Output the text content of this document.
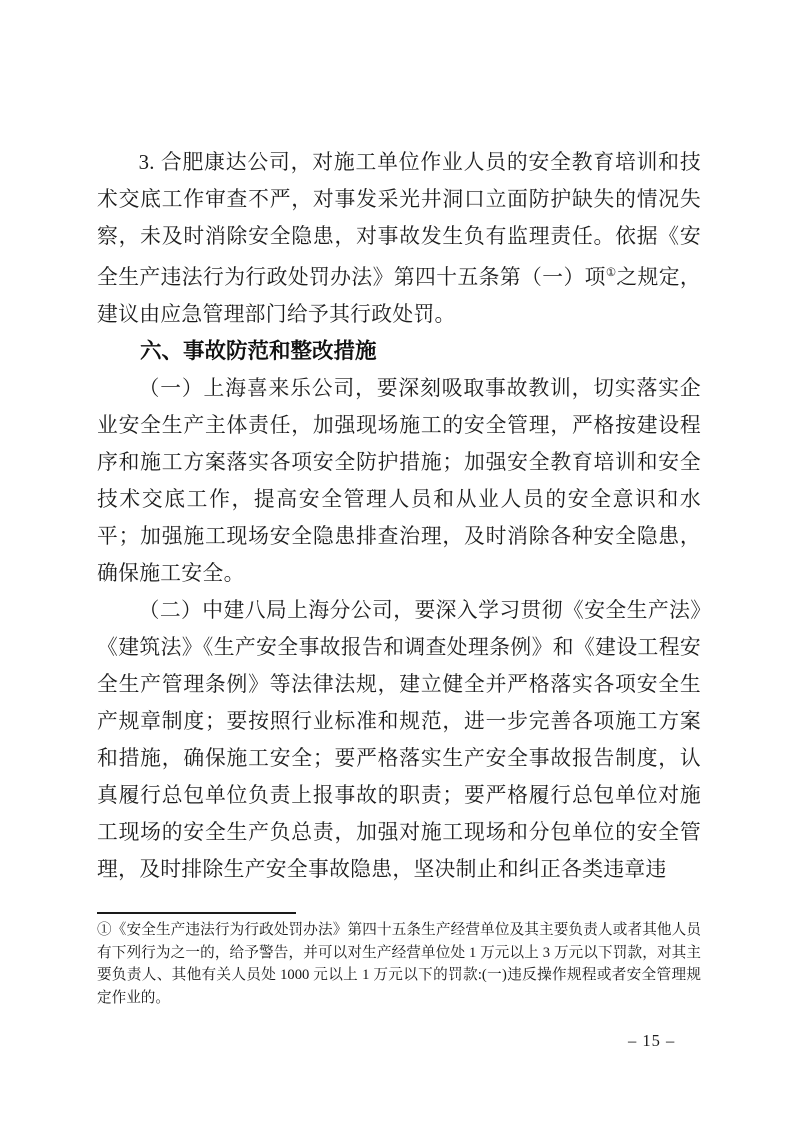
3. 合肥康达公司，对施工单位作业人员的安全教育培训和技术交底工作审查不严，对事发采光井洞口立面防护缺失的情况失察，未及时消除安全隐患，对事故发生负有监理责任。依据《安全生产违法行为行政处罚办法》第四十五条第（一）项①之规定，建议由应急管理部门给予其行政处罚。

六、事故防范和整改措施

（一）上海喜来乐公司，要深刻吸取事故教训，切实落实企业安全生产主体责任，加强现场施工的安全管理，严格按建设程序和施工方案落实各项安全防护措施；加强安全教育培训和安全技术交底工作，提高安全管理人员和从业人员的安全意识和水平；加强施工现场安全隐患排查治理，及时消除各种安全隐患，确保施工安全。

（二）中建八局上海分公司，要深入学习贯彻《安全生产法》《建筑法》《生产安全事故报告和调查处理条例》和《建设工程安全生产管理条例》等法律法规，建立健全并严格落实各项安全生产规章制度；要按照行业标准和规范，进一步完善各项施工方案和措施，确保施工安全；要严格落实生产安全事故报告制度，认真履行总包单位负责上报事故的职责；要严格履行总包单位对施工现场的安全生产负总责，加强对施工现场和分包单位的安全管理，及时排除生产安全事故隐患，坚决制止和纠正各类违章违

①《安全生产违法行为行政处罚办法》第四十五条生产经营单位及其主要负责人或者其他人员有下列行为之一的，给予警告，并可以对生产经营单位处 1 万元以上 3 万元以下罚款，对其主要负责人、其他有关人员处 1000 元以上 1 万元以下的罚款:(一)违反操作规程或者安全管理规定作业的。
– 15 –
